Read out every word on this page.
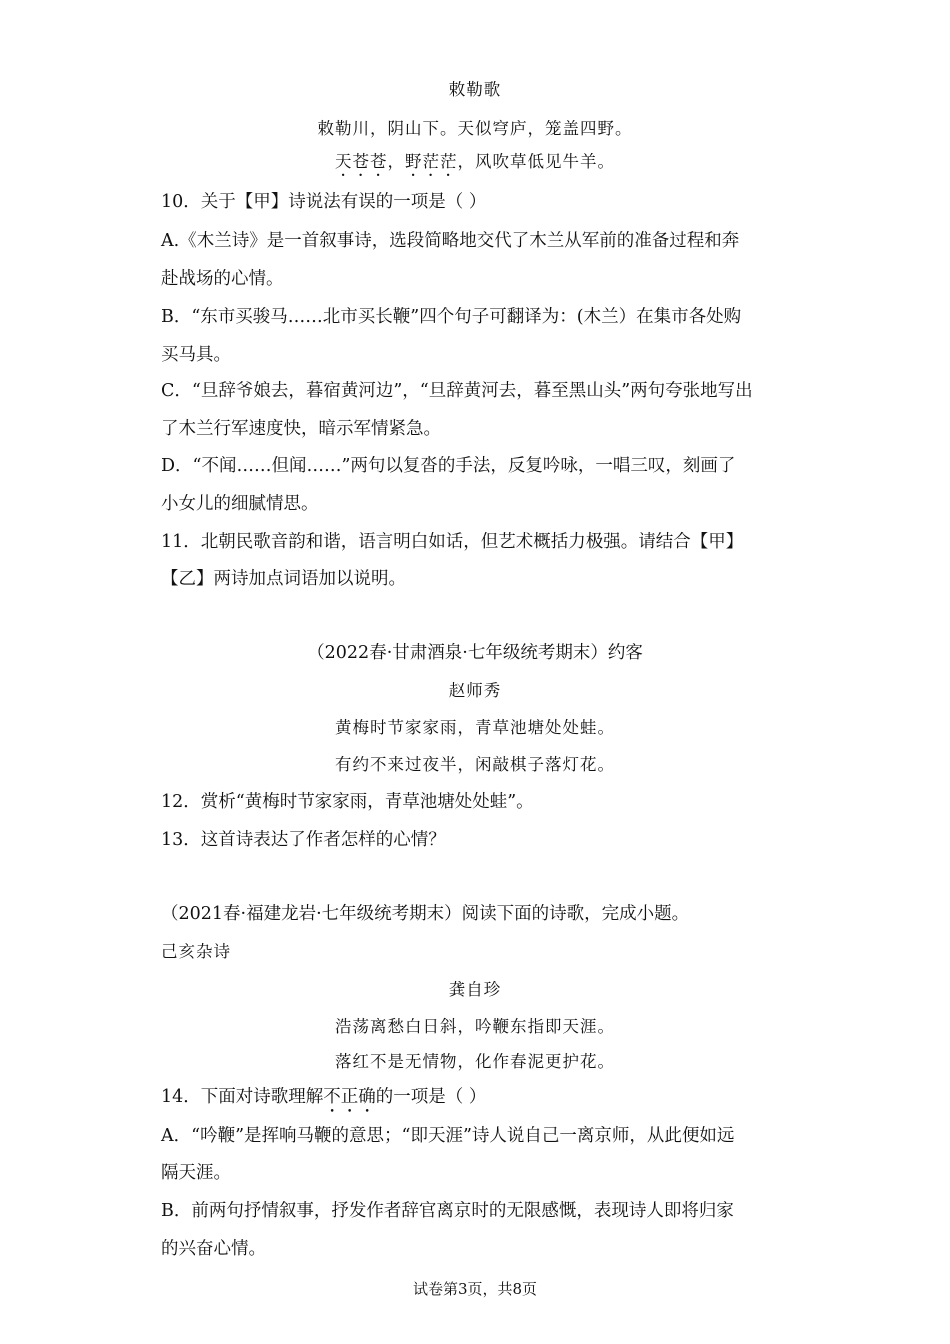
敕勒歌
敕勒川，阴山下。天似穹庐，笼盖四野。
天苍苍，野茫茫，风吹草低见牛羊。
10．关于【甲】诗说法有误的一项是（ ）
A.《木兰诗》是一首叙事诗，选段简略地交代了木兰从军前的准备过程和奔
赴战场的心情。
B．“东市买骏马……北市买长鞭”四个句子可翻译为：(木兰）在集市各处购
买马具。
C．“旦辞爷娘去，暮宿黄河边”，“旦辞黄河去，暮至黑山头”两句夸张地写出
了木兰行军速度快，暗示军情紧急。
D．“不闻……但闻……”两句以复沓的手法，反复吟咏，一唱三叹，刻画了
小女儿的细腻情思。
11．北朝民歌音韵和谐，语言明白如话，但艺术概括力极强。请结合【甲】
【乙】两诗加点词语加以说明。
（2022春·甘肃酒泉·七年级统考期末）约客
赵师秀
黄梅时节家家雨，青草池塘处处蛙。
有约不来过夜半，闲敲棋子落灯花。
12．赏析“黄梅时节家家雨，青草池塘处处蛙”。
13．这首诗表达了作者怎样的心情？
（2021春·福建龙岩·七年级统考期末）阅读下面的诗歌，完成小题。
己亥杂诗
龚自珍
浩荡离愁白日斜，吟鞭东指即天涯。
落红不是无情物，化作春泥更护花。
14．下面对诗歌理解不正确的一项是（ ）
A．“吟鞭”是挥响马鞭的意思；“即天涯”诗人说自己一离京师，从此便如远
隔天涯。
B．前两句抒情叙事，抒发作者辞官离京时的无限感慨，表现诗人即将归家
的兴奋心情。
试卷第3页，共8页
